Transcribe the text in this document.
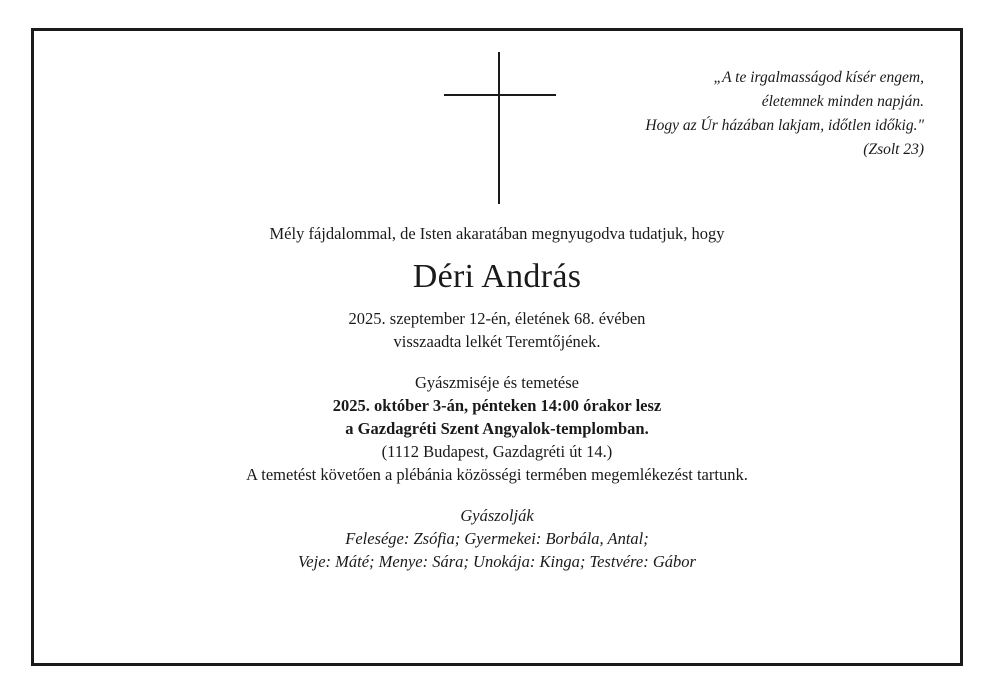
„A te irgalmasságod kísér engem,
életemnek minden napján.
Hogy az Úr házában lakjam, időtlen időkig."
(Zsolt 23)
Mély fájdalommal, de Isten akaratában megnyugodva tudatjuk, hogy
Déri András
2025. szeptember 12-én, életének 68. évében
visszaadta lelkét Teremtőjének.
Gyászmiséje és temetése
2025. október 3-án, pénteken 14:00 órakor lesz
a Gazdagréti Szent Angyalok-templomban.
(1112 Budapest, Gazdagréti út 14.)
A temetést követően a plébánia közösségi termében megemlékezést tartunk.
Gyászolják
Felesége: Zsófia; Gyermekei: Borbála, Antal;
Veje: Máté; Menye: Sára; Unokája: Kinga; Testvére: Gábor
